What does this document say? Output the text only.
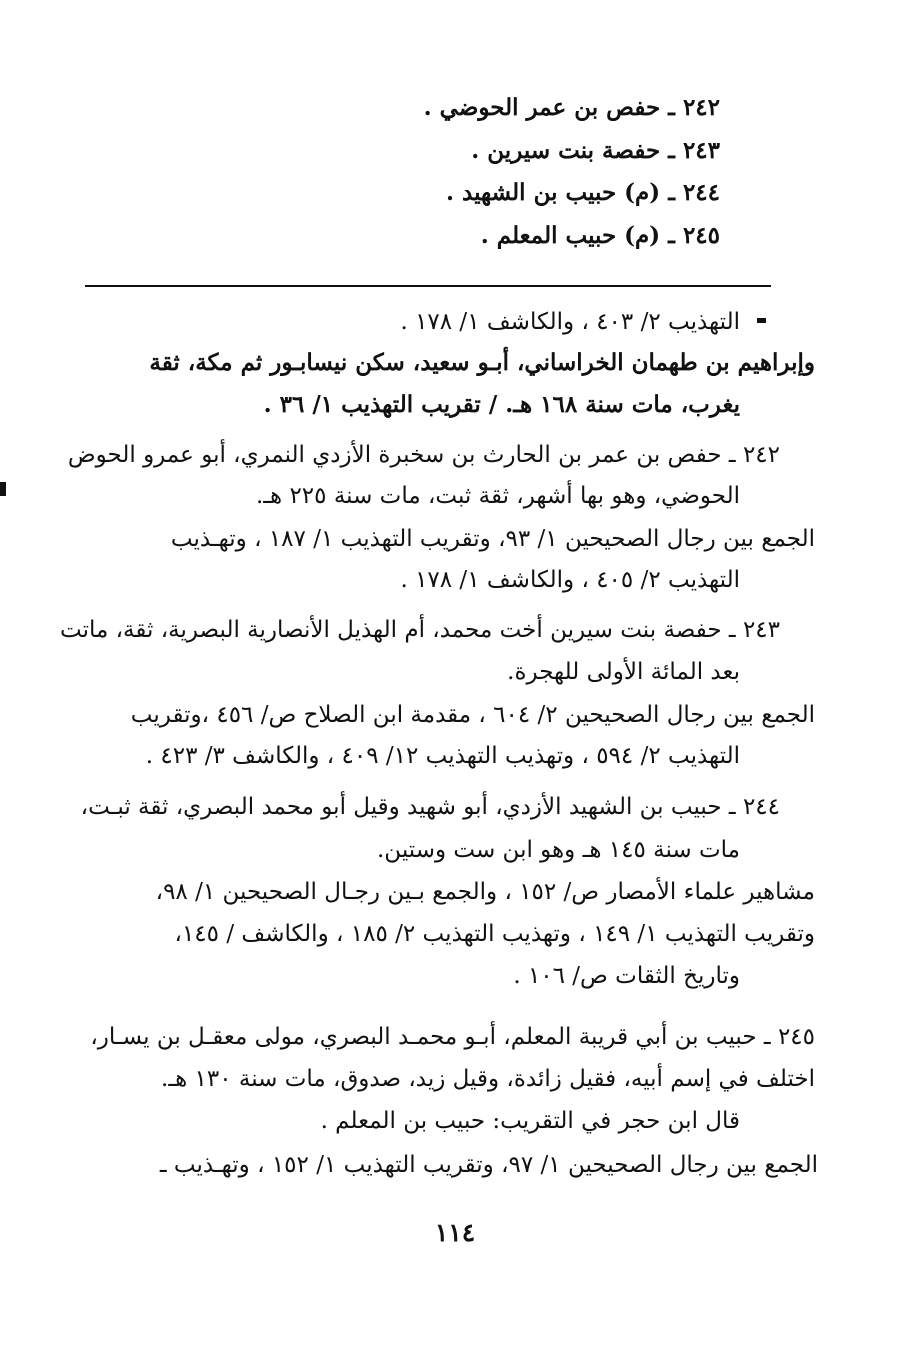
٢٤٢ ـ حفص بن عمر الحوضي .
٢٤٣ ـ حفصة بنت سيرين .
٢٤٤ ـ (م) حبيب بن الشهيد .
٢٤٥ ـ (م) حبيب المعلم .
التهذيب ٢/ ٤٠٣ ، والكاشف ١/ ١٧٨ .
وإبراهيم بن طهمان الخراساني، أبـو سعيد، سكن نيسابـور ثم مكة، ثقة
يغرب، مات سنة ١٦٨ هـ. / تقريب التهذيب ١/ ٣٦ .
٢٤٢ ـ حفص بن عمر بن الحارث بن سخبرة الأزدي النمري، أبو عمرو الحوض
الحوضي، وهو بها أشهر، ثقة ثبت، مات سنة ٢٢٥ هـ.
الجمع بين رجال الصحيحين ١/ ٩٣، وتقريب التهذيب ١/ ١٨٧ ، وتهـذيب
التهذيب ٢/ ٤٠٥ ، والكاشف ١/ ١٧٨ .
٢٤٣ ـ حفصة بنت سيرين أخت محمد، أم الهذيل الأنصارية البصرية، ثقة، ماتت
بعد المائة الأولى للهجرة.
الجمع بين رجال الصحيحين ٢/ ٦٠٤ ، مقدمة ابن الصلاح ص/ ٤٥٦ ،وتقريب
التهذيب ٢/ ٥٩٤ ، وتهذيب التهذيب ١٢/ ٤٠٩ ، والكاشف ٣/ ٤٢٣ .
٢٤٤ ـ حبيب بن الشهيد الأزدي، أبو شهيد وقيل أبو محمد البصري، ثقة ثبـت،
مات سنة ١٤٥ هـ وهو ابن ست وستين.
مشاهير علماء الأمصار ص/ ١٥٢ ، والجمع بـين رجـال الصحيحين ١/ ٩٨،
وتقريب التهذيب ١/ ١٤٩ ، وتهذيب التهذيب ٢/ ١٨٥ ، والكاشف / ١٤٥،
وتاريخ الثقات ص/ ١٠٦ .
٢٤٥ ـ حبيب بن أبي قريبة المعلم، أبـو محمـد البصري، مولى معقـل بن يسـار،
اختلف في إسم أبيه، فقيل زائدة، وقيل زيد، صدوق، مات سنة ١٣٠ هـ.
قال ابن حجر في التقريب: حبيب بن المعلم .
الجمع بين رجال الصحيحين ١/ ٩٧، وتقريب التهذيب ١/ ١٥٢ ، وتهـذيب ـ
١١٤
